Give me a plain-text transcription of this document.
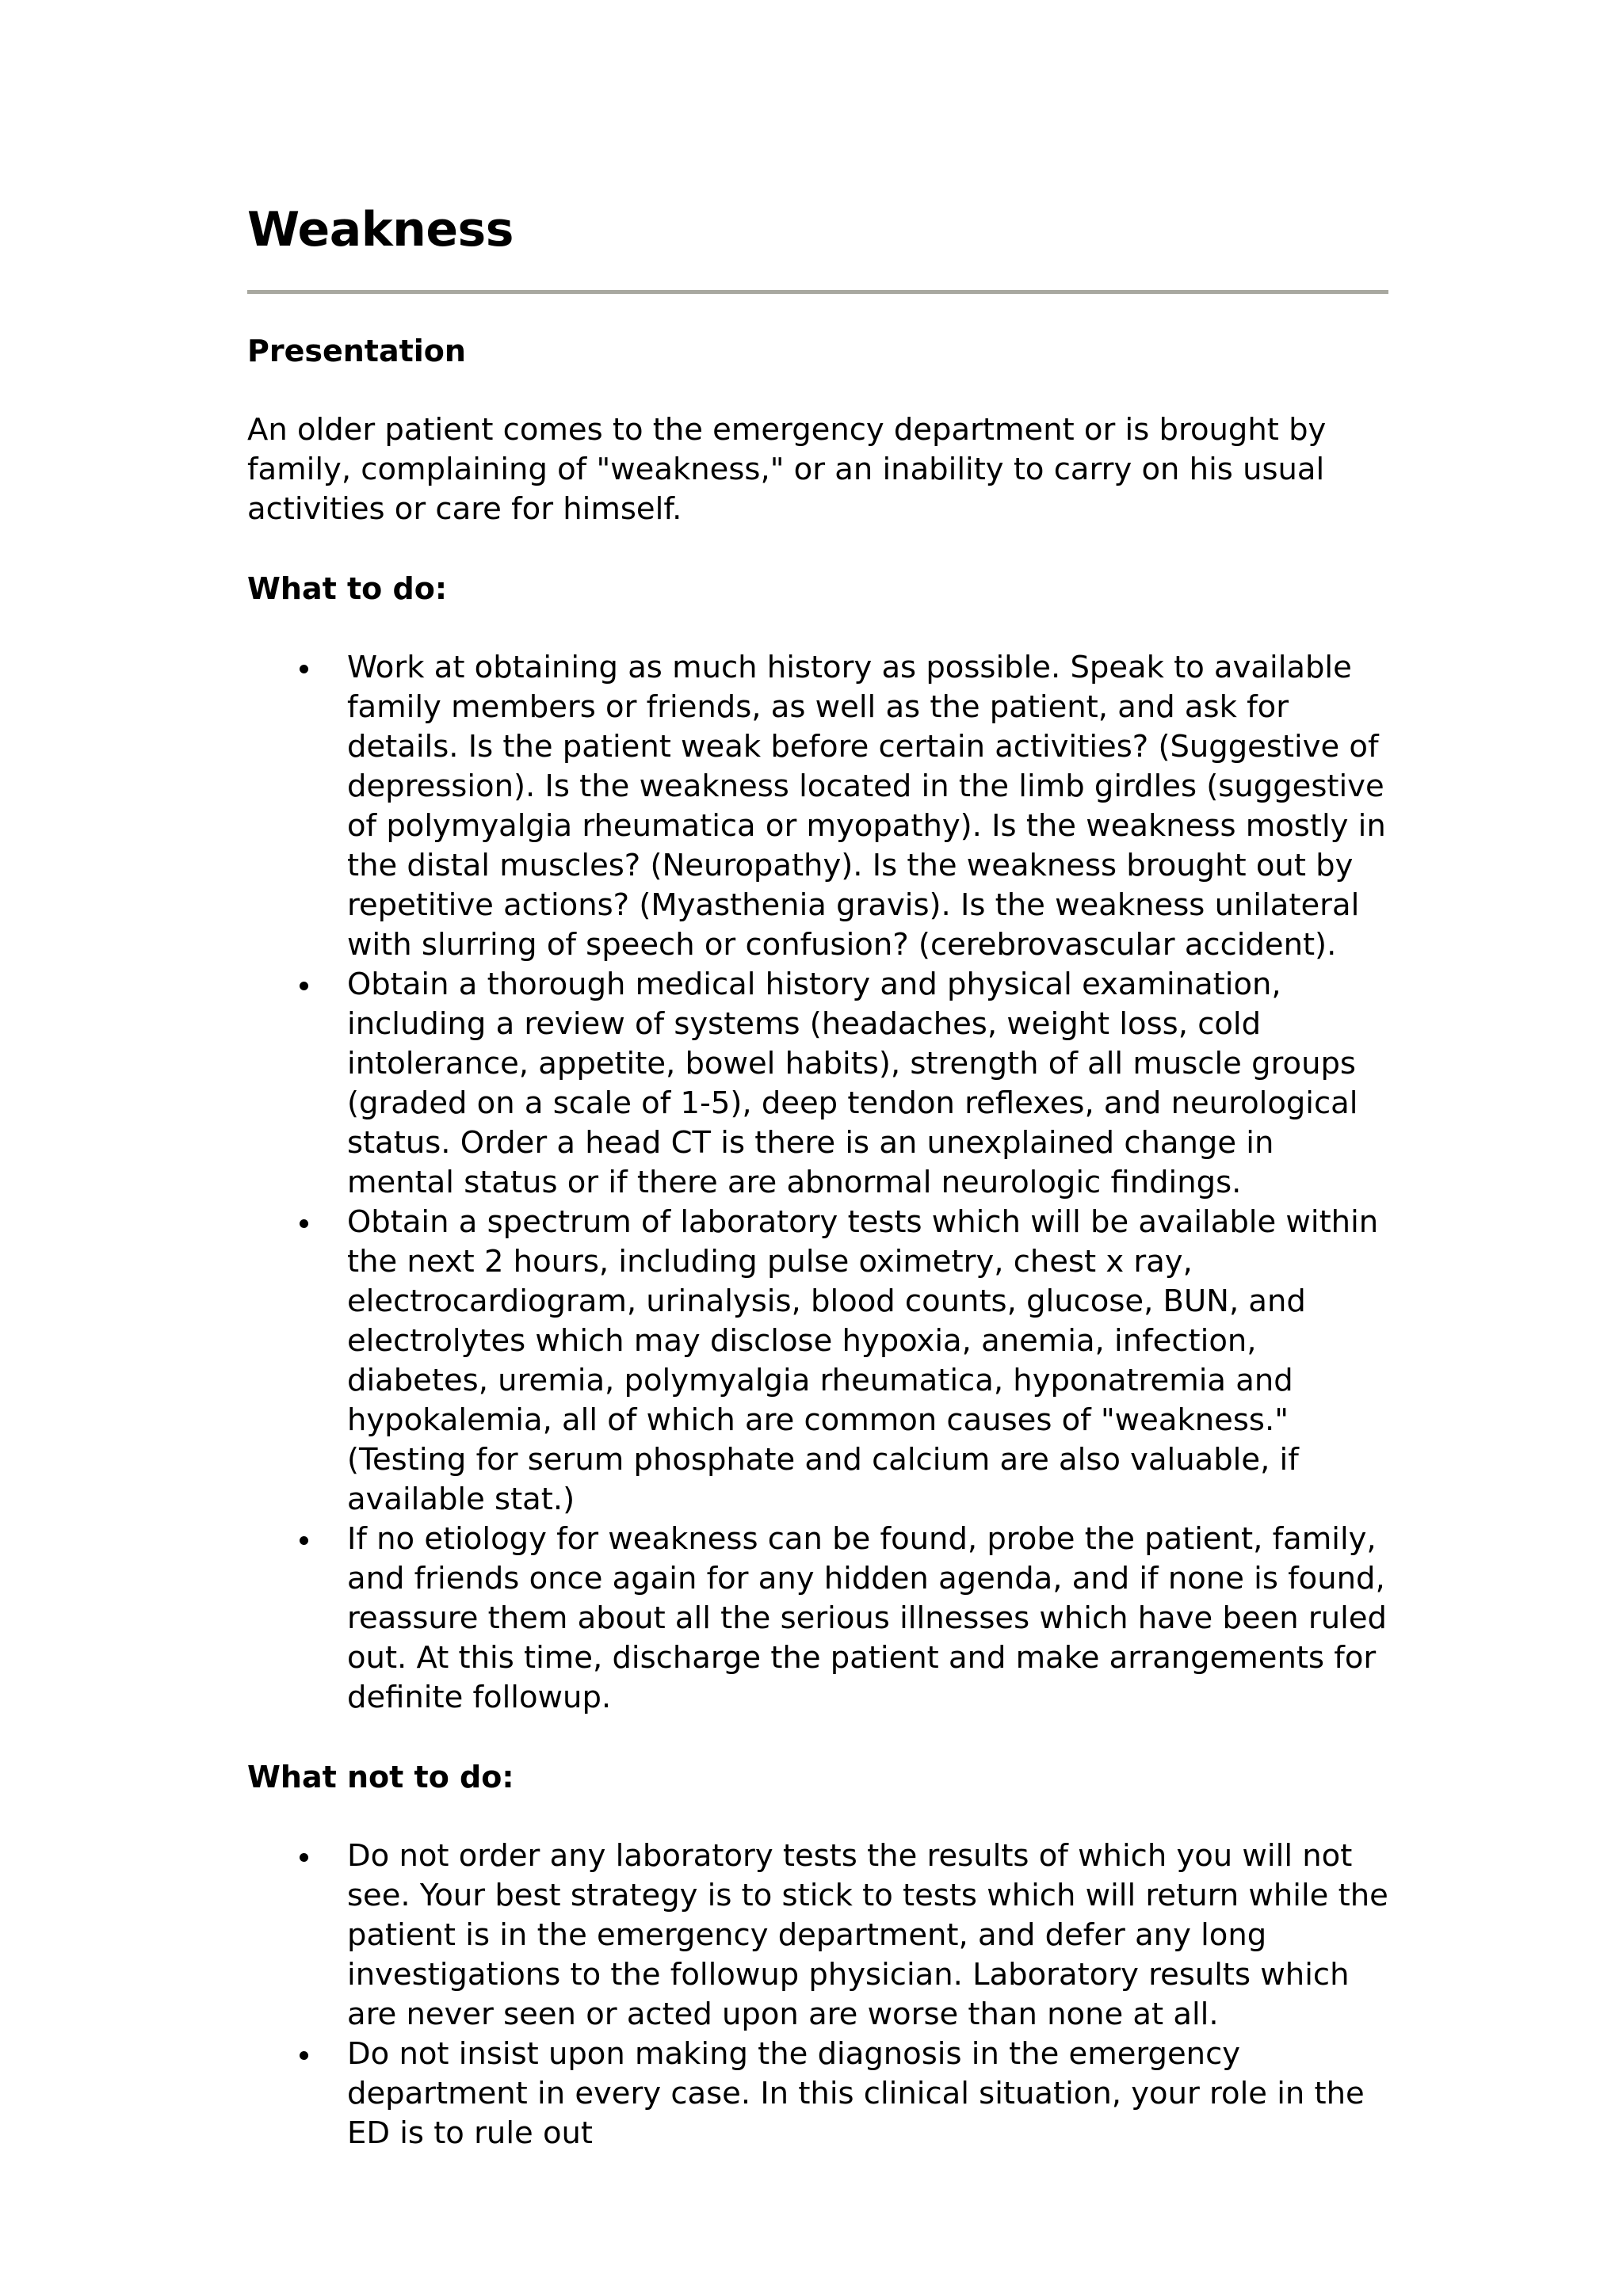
Weakness
Presentation

An older patient comes to the emergency department or is brought by family, complaining of "weakness," or an inability to carry on his usual activities or care for himself.

What to do:
Work at obtaining as much history as possible. Speak to available family members or friends, as well as the patient, and ask for details. Is the patient weak before certain activities? (Suggestive of depression). Is the weakness located in the limb girdles (suggestive of polymyalgia rheumatica or myopathy). Is the weakness mostly in the distal muscles? (Neuropathy). Is the weakness brought out by repetitive actions? (Myasthenia gravis). Is the weakness unilateral with slurring of speech or confusion? (cerebrovascular accident).
Obtain a thorough medical history and physical examination, including a review of systems (headaches, weight loss, cold intolerance, appetite, bowel habits), strength of all muscle groups (graded on a scale of 1-5), deep tendon reflexes, and neurological status. Order a head CT is there is an unexplained change in mental status or if there are abnormal neurologic findings.
Obtain a spectrum of laboratory tests which will be available within the next 2 hours, including pulse oximetry, chest x ray, electrocardiogram, urinalysis, blood counts, glucose, BUN, and electrolytes which may disclose hypoxia, anemia, infection, diabetes, uremia, polymyalgia rheumatica, hyponatremia and hypokalemia, all of which are common causes of "weakness." (Testing for serum phosphate and calcium are also valuable, if available stat.)
If no etiology for weakness can be found, probe the patient, family, and friends once again for any hidden agenda, and if none is found, reassure them about all the serious illnesses which have been ruled out. At this time, discharge the patient and make arrangements for definite followup.
What not to do:
Do not order any laboratory tests the results of which you will not see. Your best strategy is to stick to tests which will return while the patient is in the emergency department, and defer any long investigations to the followup physician. Laboratory results which are never seen or acted upon are worse than none at all.
Do not insist upon making the diagnosis in the emergency department in every case. In this clinical situation, your role in the ED is to rule out
